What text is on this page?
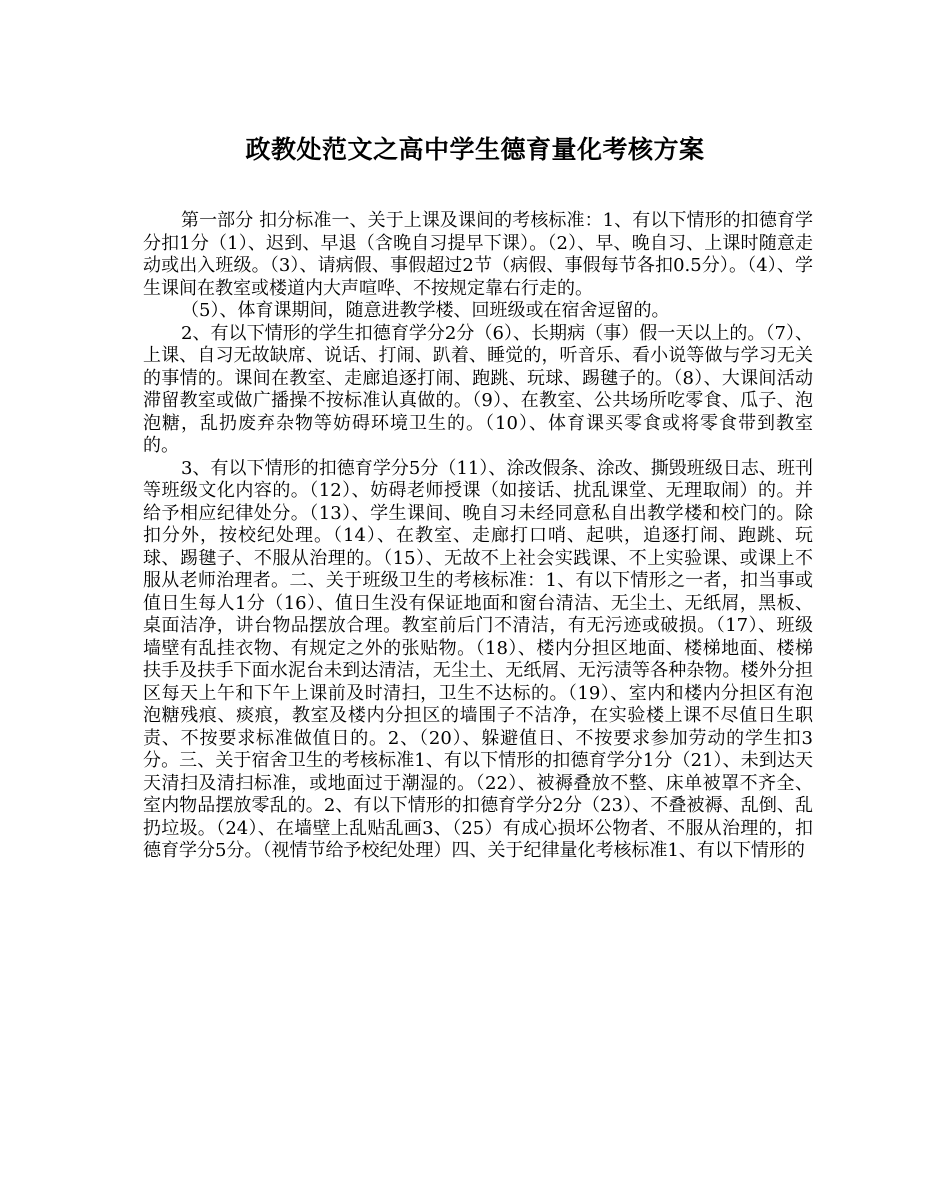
政教处范文之高中学生德育量化考核方案

第一部分 扣分标准一、关于上课及课间的考核标准：1、有以下情形的扣德育学分扣1分（1）、迟到、早退（含晚自习提早下课）。（2）、早、晚自习、上课时随意走动或出入班级。（3）、请病假、事假超过2节（病假、事假每节各扣0.5分）。（4）、学生课间在教室或楼道内大声喧哗、不按规定靠右行走的。

（5）、体育课期间，随意进教学楼、回班级或在宿舍逗留的。

2、有以下情形的学生扣德育学分2分（6）、长期病（事）假一天以上的。（7）、上课、自习无故缺席、说话、打闹、趴着、睡觉的，听音乐、看小说等做与学习无关的事情的。课间在教室、走廊追逐打闹、跑跳、玩球、踢毽子的。（8）、大课间活动滞留教室或做广播操不按标准认真做的。（9）、在教室、公共场所吃零食、瓜子、泡泡糖，乱扔废弃杂物等妨碍环境卫生的。（10）、体育课买零食或将零食带到教室的。

3、有以下情形的扣德育学分5分（11）、涂改假条、涂改、撕毁班级日志、班刊等班级文化内容的。（12）、妨碍老师授课（如接话、扰乱课堂、无理取闹）的。并给予相应纪律处分。（13）、学生课间、晚自习未经同意私自出教学楼和校门的。除扣分外，按校纪处理。（14）、在教室、走廊打口哨、起哄，追逐打闹、跑跳、玩球、踢毽子、不服从治理的。（15）、无故不上社会实践课、不上实验课、或课上不服从老师治理者。二、关于班级卫生的考核标准：1、有以下情形之一者，扣当事或值日生每人1分（16）、值日生没有保证地面和窗台清洁、无尘土、无纸屑，黑板、桌面洁净，讲台物品摆放合理。教室前后门不清洁，有无污迹或破损。（17）、班级墙壁有乱挂衣物、有规定之外的张贴物。（18）、楼内分担区地面、楼梯地面、楼梯扶手及扶手下面水泥台未到达清洁，无尘土、无纸屑、无污渍等各种杂物。楼外分担区每天上午和下午上课前及时清扫，卫生不达标的。（19）、室内和楼内分担区有泡泡糖残痕、痰痕，教室及楼内分担区的墙围子不洁净，在实验楼上课不尽值日生职责、不按要求标准做值日的。2、（20）、躲避值日、不按要求参加劳动的学生扣3分。三、关于宿舍卫生的考核标准1、有以下情形的扣德育学分1分（21）、未到达天天清扫及清扫标准，或地面过于潮湿的。（22）、被褥叠放不整、床单被罩不齐全、室内物品摆放零乱的。2、有以下情形的扣德育学分2分（23）、不叠被褥、乱倒、乱扔垃圾。（24）、在墙壁上乱贴乱画3、（25）有成心损坏公物者、不服从治理的，扣德育学分5分。（视情节给予校纪处理）四、关于纪律量化考核标准1、有以下情形的
